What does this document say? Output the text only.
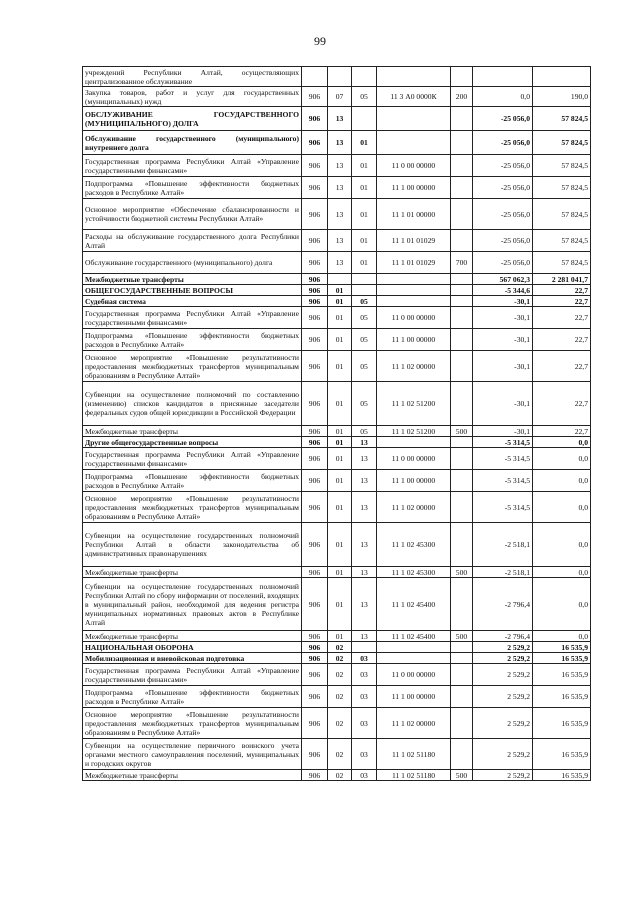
99
учреждений Республики Алтай, осуществляющих централизованное обслуживание							
Закупка товаров, работ и услуг для государственных (муниципальных) нужд	906	07	05	11 3 А0 0000К	200	0,0	190,0
ОБСЛУЖИВАНИЕ ГОСУДАРСТВЕННОГО (МУНИЦИПАЛЬНОГО) ДОЛГА	906	13				-25 056,0	57 824,5
Обслуживание государственного (муниципального) внутреннего долга	906	13	01			-25 056,0	57 824,5
Государственная программа Республики Алтай «Управление государственными финансами»	906	13	01	11 0 00 00000		-25 056,0	57 824,5
Подпрограмма «Повышение эффективности бюджетных расходов в Республике Алтай»	906	13	01	11 1 00 00000		-25 056,0	57 824,5
Основное мероприятие «Обеспечение сбалансированности и устойчивости бюджетной системы Республики Алтай»	906	13	01	11 1 01 00000		-25 056,0	57 824,5
Расходы на обслуживание государственного долга Республики Алтай	906	13	01	11 1 01 01029		-25 056,0	57 824,5
Обслуживание государственного (муниципального) долга	906	13	01	11 1 01 01029	700	-25 056,0	57 824,5
Межбюджетные трансферты	906					567 062,3	2 281 041,7
ОБЩЕГОСУДАРСТВЕННЫЕ ВОПРОСЫ	906	01				-5 344,6	22,7
Судебная система	906	01	05			-30,1	22,7
Государственная программа Республики Алтай «Управление государственными финансами»	906	01	05	11 0 00 00000		-30,1	22,7
Подпрограмма «Повышение эффективности бюджетных расходов в Республике Алтай»	906	01	05	11 1 00 00000		-30,1	22,7
Основное мероприятие «Повышение результативности предоставления межбюджетных трансфертов муниципальным образованиям в Республике Алтай»	906	01	05	11 1 02 00000		-30,1	22,7
Субвенции на осуществление полномочий по составлению (изменению) списков кандидатов в присяжные заседатели федеральных судов общей юрисдикции в Российской Федерации	906	01	05	11 1 02 51200		-30,1	22,7
Межбюджетные трансферты	906	01	05	11 1 02 51200	500	-30,1	22,7
Другие общегосударственные вопросы	906	01	13			-5 314,5	0,0
Государственная программа Республики Алтай «Управление государственными финансами»	906	01	13	11 0 00 00000		-5 314,5	0,0
Подпрограмма «Повышение эффективности бюджетных расходов в Республике Алтай»	906	01	13	11 1 00 00000		-5 314,5	0,0
Основное мероприятие «Повышение результативности предоставления межбюджетных трансфертов муниципальным образованиям в Республике Алтай»	906	01	13	11 1 02 00000		-5 314,5	0,0
Субвенции на осуществление государственных полномочий Республики Алтай в области законодательства об административных правонарушениях	906	01	13	11 1 02 45300		-2 518,1	0,0
Межбюджетные трансферты	906	01	13	11 1 02 45300	500	-2 518,1	0,0
Субвенции на осуществление государственных полномочий Республики Алтай по сбору информации от поселений, входящих в муниципальный район, необходимой для ведения регистра муниципальных нормативных правовых актов в Республике Алтай	906	01	13	11 1 02 45400		-2 796,4	0,0
Межбюджетные трансферты	906	01	13	11 1 02 45400	500	-2 796,4	0,0
НАЦИОНАЛЬНАЯ ОБОРОНА	906	02				2 529,2	16 535,9
Мобилизационная и вневойсковая подготовка	906	02	03			2 529,2	16 535,9
Государственная программа Республики Алтай «Управление государственными финансами»	906	02	03	11 0 00 00000		2 529,2	16 535,9
Подпрограмма «Повышение эффективности бюджетных расходов в Республике Алтай»	906	02	03	11 1 00 00000		2 529,2	16 535,9
Основное мероприятие «Повышение результативности предоставления межбюджетных трансфертов муниципальным образованиям в Республике Алтай»	906	02	03	11 1 02 00000		2 529,2	16 535,9
Субвенции на осуществление первичного воинского учета органами местного самоуправления поселений, муниципальных и городских округов	906	02	03	11 1 02 51180		2 529,2	16 535,9
Межбюджетные трансферты	906	02	03	11 1 02 51180	500	2 529,2	16 535,9
